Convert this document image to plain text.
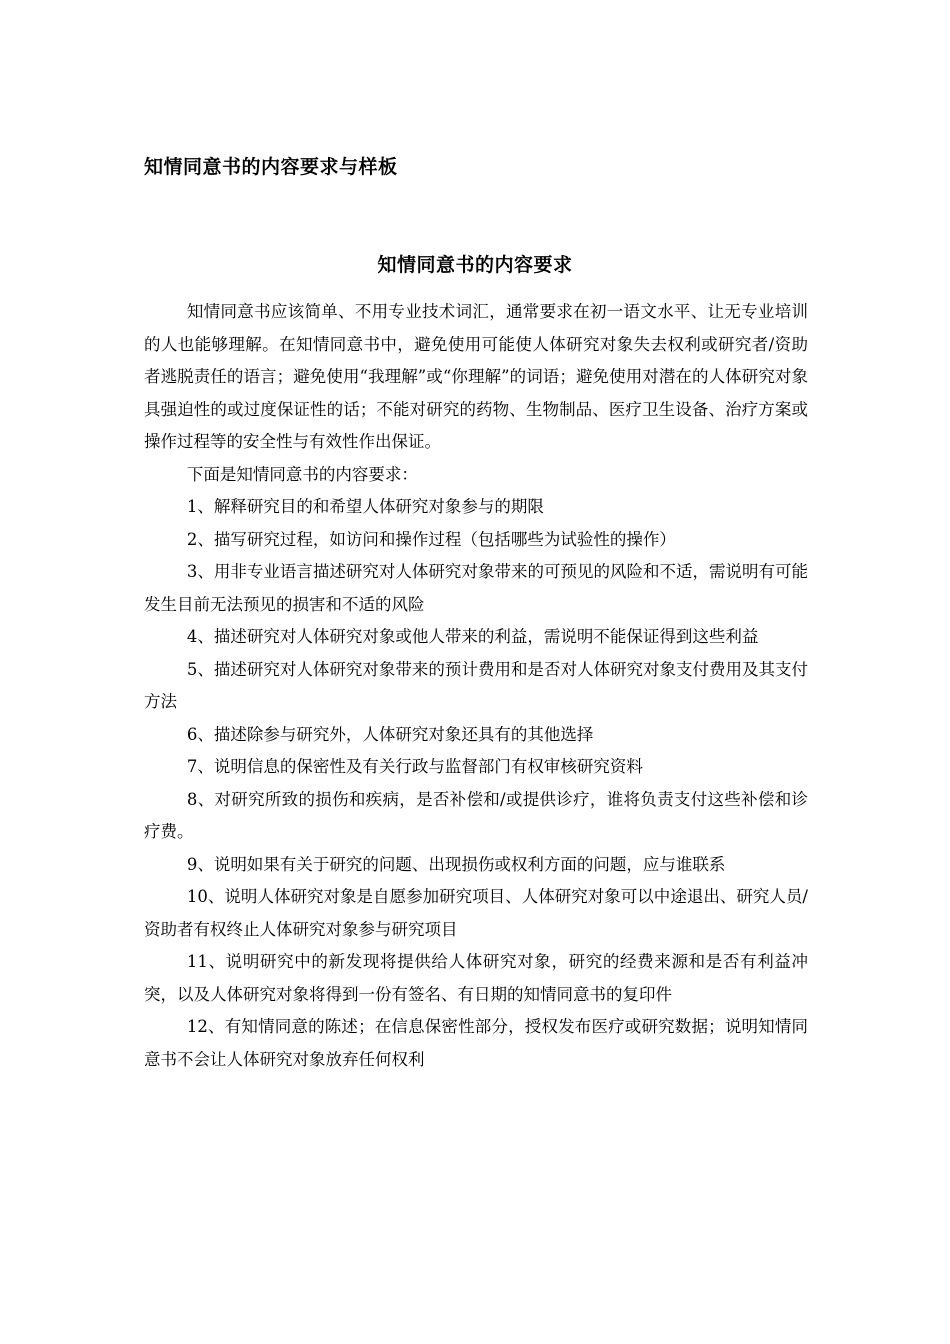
知情同意书的内容要求与样板
知情同意书的内容要求

知情同意书应该简单、不用专业技术词汇，通常要求在初一语文水平、让无专业培训的人也能够理解。在知情同意书中，避免使用可能使人体研究对象失去权利或研究者/资助者逃脱责任的语言；避免使用“我理解”或“你理解”的词语；避免使用对潜在的人体研究对象具强迫性的或过度保证性的话；不能对研究的药物、生物制品、医疗卫生设备、治疗方案或操作过程等的安全性与有效性作出保证。

下面是知情同意书的内容要求：

1、解释研究目的和希望人体研究对象参与的期限

2、描写研究过程，如访问和操作过程（包括哪些为试验性的操作）

3、用非专业语言描述研究对人体研究对象带来的可预见的风险和不适，需说明有可能发生目前无法预见的损害和不适的风险

4、描述研究对人体研究对象或他人带来的利益，需说明不能保证得到这些利益

5、描述研究对人体研究对象带来的预计费用和是否对人体研究对象支付费用及其支付方法

6、描述除参与研究外，人体研究对象还具有的其他选择

7、说明信息的保密性及有关行政与监督部门有权审核研究资料

8、对研究所致的损伤和疾病，是否补偿和/或提供诊疗，谁将负责支付这些补偿和诊疗费。

9、说明如果有关于研究的问题、出现损伤或权利方面的问题，应与谁联系

10、说明人体研究对象是自愿参加研究项目、人体研究对象可以中途退出、研究人员/资助者有权终止人体研究对象参与研究项目

11、说明研究中的新发现将提供给人体研究对象，研究的经费来源和是否有利益冲突，以及人体研究对象将得到一份有签名、有日期的知情同意书的复印件

12、有知情同意的陈述；在信息保密性部分，授权发布医疗或研究数据；说明知情同意书不会让人体研究对象放弃任何权利
